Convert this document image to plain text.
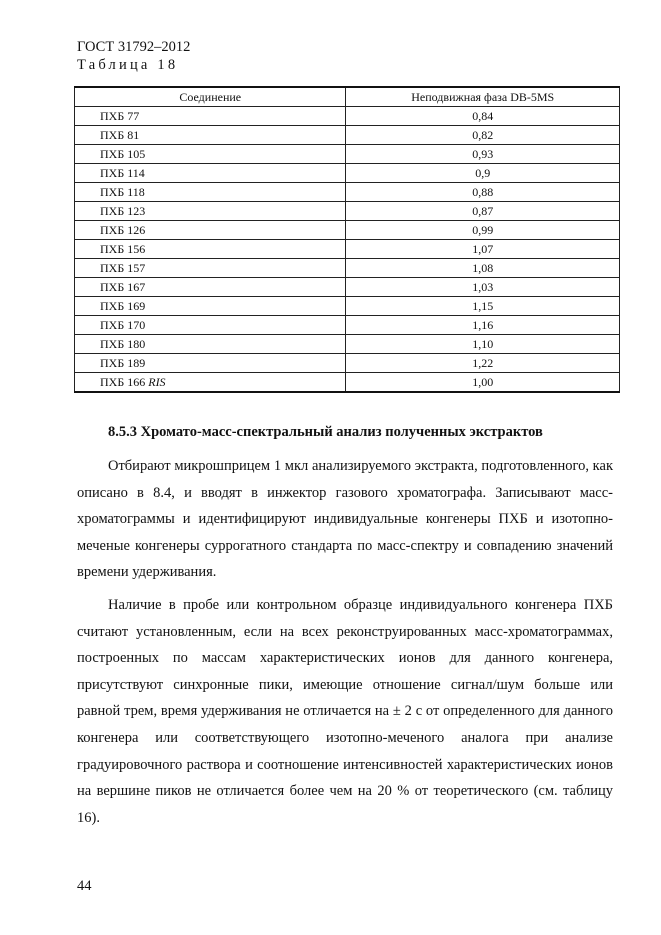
ГОСТ 31792–2012
Таблица 18
Соединение	Неподвижная фаза DB-5MS
ПХБ 77	0,84
ПХБ 81	0,82
ПХБ 105	0,93
ПХБ 114	0,9
ПХБ 118	0,88
ПХБ 123	0,87
ПХБ 126	0,99
ПХБ 156	1,07
ПХБ 157	1,08
ПХБ 167	1,03
ПХБ 169	1,15
ПХБ 170	1,16
ПХБ 180	1,10
ПХБ 189	1,22
ПХБ 166 RIS	1,00
8.5.3 Хромато-масс-спектральный анализ полученных экстрактов

Отбирают микрошприцем 1 мкл анализируемого экстракта, подготовленного, как описано в 8.4, и вводят в инжектор газового хроматографа. Записывают масс-хроматограммы и идентифицируют индивидуальные конгенеры ПХБ и изотопно-меченые конгенеры суррогатного стандарта по масс-спектру и совпадению значений времени удерживания.

Наличие в пробе или контрольном образце индивидуального конгенера ПХБ считают установленным, если на всех реконструированных масс-хроматограммах, построенных по массам характеристических ионов для данного конгенера, присутствуют синхронные пики, имеющие отношение сигнал/шум больше или равной трем, время удерживания не отличается на ± 2 с от определенного для данного конгенера или соответствующего изотопно-меченого аналога при анализе градуировочного раствора и соотношение интенсивностей характеристических ионов на вершине пиков не отличается более чем на 20 % от теоретического (см. таблицу 16).

44
